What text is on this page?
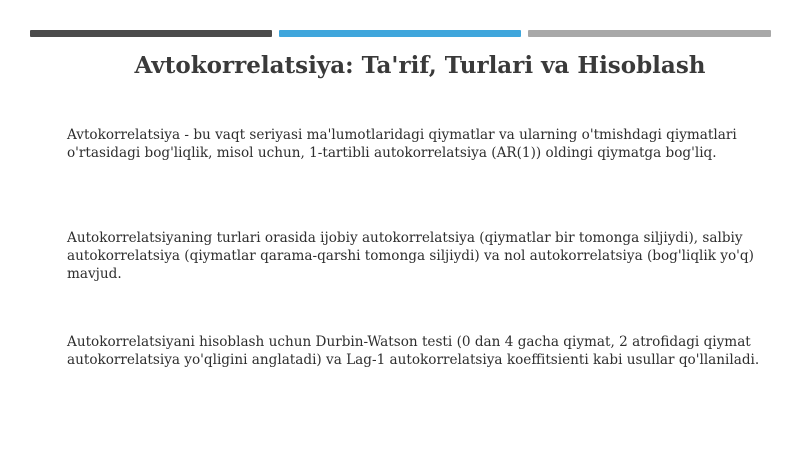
Avtokorrelatsiya: Ta'rif, Turlari va Hisoblash

Avtokorrelatsiya - bu vaqt seriyasi ma'lumotlaridagi qiymatlar va ularning o'tmishdagi qiymatlari o'rtasidagi bog'liqlik, misol uchun, 1-tartibli autokorrelatsiya (AR(1)) oldingi qiymatga bog'liq.

Autokorrelatsiyaning turlari orasida ijobiy autokorrelatsiya (qiymatlar bir tomonga siljiydi), salbiy autokorrelatsiya (qiymatlar qarama-qarshi tomonga siljiydi) va nol autokorrelatsiya (bog'liqlik yo'q) mavjud.

Autokorrelatsiyani hisoblash uchun Durbin-Watson testi (0 dan 4 gacha qiymat, 2 atrofidagi qiymat autokorrelatsiya yo'qligini anglatadi) va Lag-1 autokorrelatsiya koeffitsienti kabi usullar qo'llaniladi.
